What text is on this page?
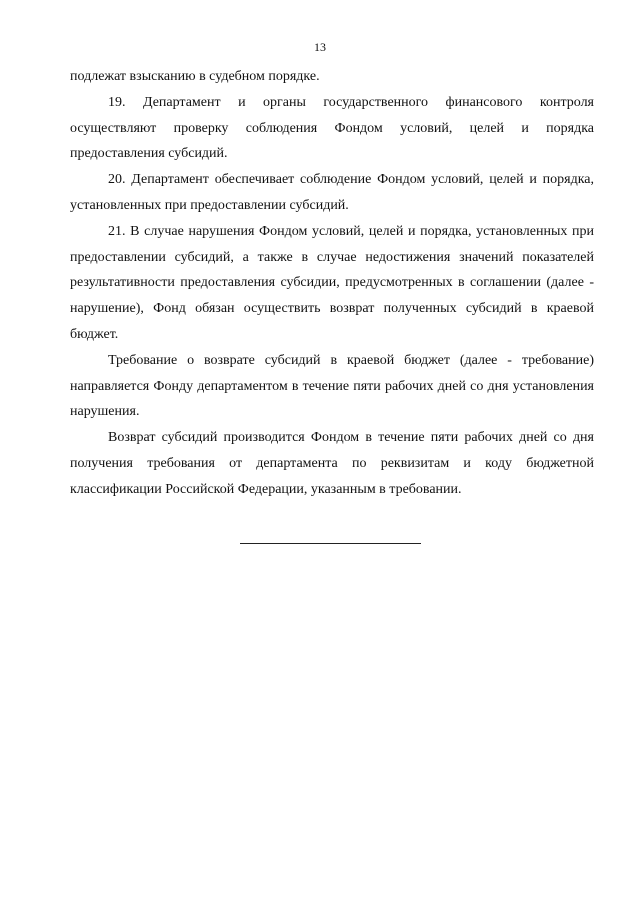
13

подлежат взысканию в судебном порядке.

19. Департамент и органы государственного финансового контроля осуществляют проверку соблюдения Фондом условий, целей и порядка предоставления субсидий.

20. Департамент обеспечивает соблюдение Фондом условий, целей и порядка, установленных при предоставлении субсидий.

21. В случае нарушения Фондом условий, целей и порядка, установленных при предоставлении субсидий, а также в случае недостижения значений показателей результативности предоставления субсидии, предусмотренных в соглашении (далее - нарушение), Фонд обязан осуществить возврат полученных субсидий в краевой бюджет.

Требование о возврате субсидий в краевой бюджет (далее - требование) направляется Фонду департаментом в течение пяти рабочих дней со дня установления нарушения.

Возврат субсидий производится Фондом в течение пяти рабочих дней со дня получения требования от департамента по реквизитам и коду бюджетной классификации Российской Федерации, указанным в требовании.
